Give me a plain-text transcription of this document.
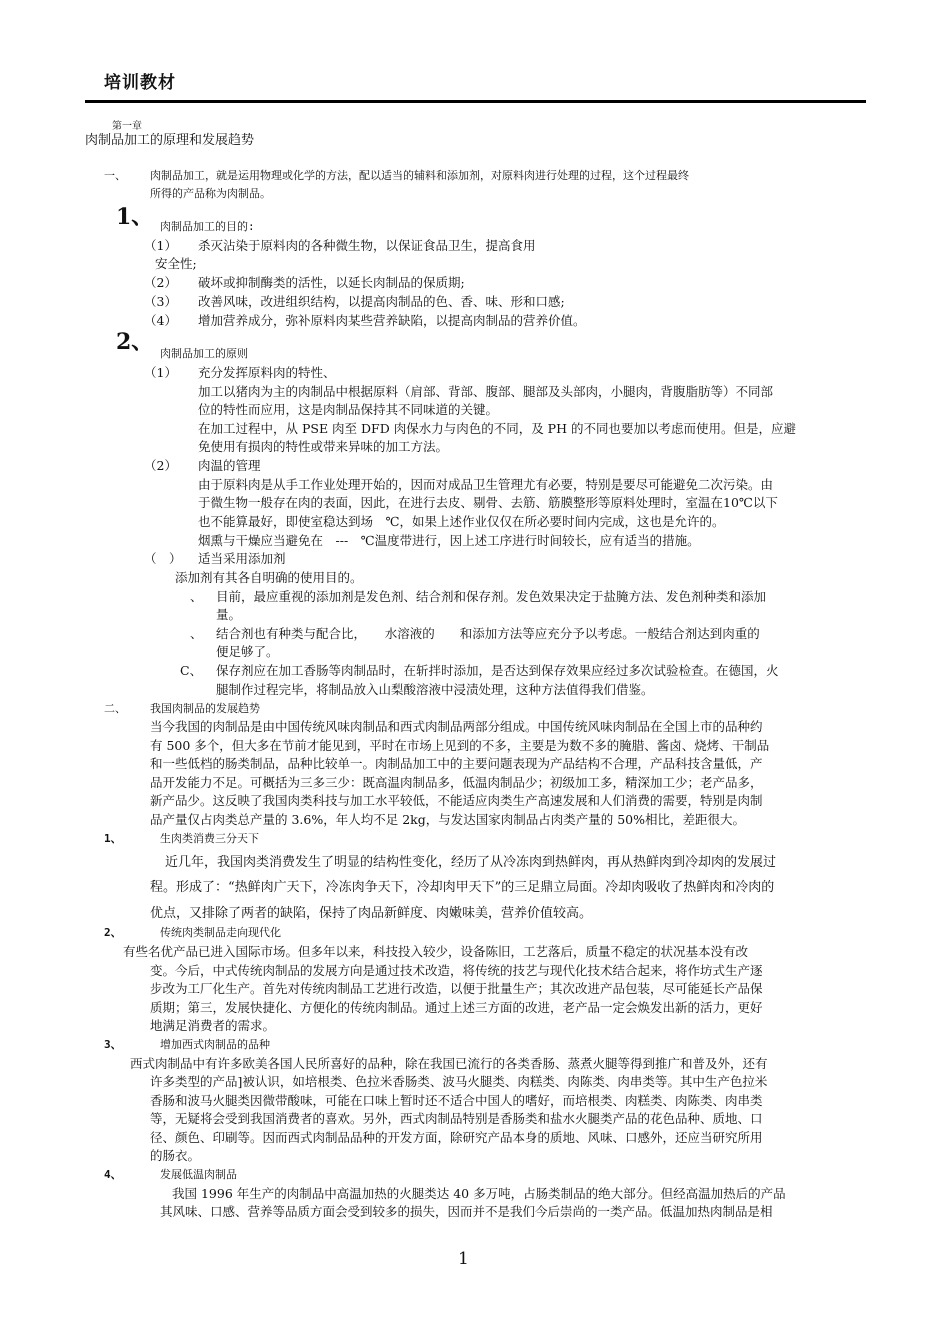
培训教材
第一章
肉制品加工的原理和发展趋势
一、 肉制品加工，就是运用物理或化学的方法，配以适当的辅料和添加剂，对原料肉进行处理的过程，这个过程最终
所得的产品称为肉制品。
1、 肉制品加工的目的:
（1） 杀灭沾染于原料肉的各种微生物，以保证食品卫生，提高食用
安全性;
（2） 破坏或抑制酶类的活性，以延长肉制品的保质期;
（3） 改善风味，改进组织结构，以提高肉制品的色、香、味、形和口感;
（4） 增加营养成分，弥补原料肉某些营养缺陷，以提高肉制品的营养价值。
2、 肉制品加工的原则
（1） 充分发挥原料肉的特性、
加工以猪肉为主的肉制品中根据原料（肩部、背部、腹部、腿部及头部肉，小腿肉，背腹脂肪等）不同部
位的特性而应用，这是肉制品保持其不同味道的关键。
在加工过程中，从 PSE 肉至 DFD 肉保水力与肉色的不同，及 PH 的不同也要加以考虑而使用。但是，应避
免使用有损肉的特性或带来异味的加工方法。
（2） 肉温的管理
由于原料肉是从手工作业处理开始的，因而对成品卫生管理尤有必要，特别是要尽可能避免二次污染。由
于微生物一般存在肉的表面，因此，在进行去皮、剔骨、去筋、筋膜整形等原料处理时，室温在10℃以下
也不能算最好，即使室稳达到场　℃，如果上述作业仅仅在所必要时间内完成，这也是允许的。
烟熏与干燥应当避免在　---　℃温度带进行，因上述工序进行时间较长，应有适当的措施。
（　） 适当采用添加剂
添加剂有其各自明确的使用目的。
、 目前，最应重视的添加剂是发色剂、结合剂和保存剂。发色效果决定于盐腌方法、发色剂种类和添加
量。
、 结合剂也有种类与配合比，　　水溶液的　　和添加方法等应充分予以考虑。一般结合剂达到肉重的
便足够了。
C、 保存剂应在加工香肠等肉制品时，在斩拌时添加，是否达到保存效果应经过多次试验检查。在德国，火
腿制作过程完毕，将制品放入山梨酸溶液中浸渍处理，这种方法值得我们借鉴。
二、 我国肉制品的发展趋势
当今我国的肉制品是由中国传统风味肉制品和西式肉制品两部分组成。中国传统风味肉制品在全国上市的品种约
有 500 多个，但大多在节前才能见到，平时在市场上见到的不多，主要是为数不多的腌腊、酱卤、烧烤、干制品
和一些低档的肠类制品，品种比较单一。肉制品加工中的主要问题表现为产品结构不合理，产品科技含量低，产
品开发能力不足。可概括为三多三少：既高温肉制品多，低温肉制品少；初级加工多，精深加工少；老产品多，
新产品少。这反映了我国肉类科技与加工水平较低，不能适应肉类生产高速发展和人们消费的需要，特别是肉制
品产量仅占肉类总产量的 3.6%，年人均不足 2kg，与发达国家肉制品占肉类产量的 50%相比，差距很大。
1、	生肉类消费三分天下
近几年，我国肉类消费发生了明显的结构性变化，经历了从冷冻肉到热鲜肉，再从热鲜肉到冷却肉的发展过
程。形成了：“热鲜肉广天下，冷冻肉争天下，冷却肉甲天下”的三足鼎立局面。冷却肉吸收了热鲜肉和冷肉的
优点，又排除了两者的缺陷，保持了肉品新鲜度、肉嫩味美，营养价值较高。
2、	传统肉类制品走向现代化
有些名优产品已进入国际市场。但多年以来，科技投入较少，设备陈旧，工艺落后，质量不稳定的状况基本没有改
变。今后，中式传统肉制品的发展方向是通过技术改造，将传统的技艺与现代化技术结合起来，将作坊式生产逐
步改为工厂化生产。首先对传统肉制品工艺进行改造，以便于批量生产；其次改进产品包装，尽可能延长产品保
质期；第三，发展快捷化、方便化的传统肉制品。通过上述三方面的改进，老产品一定会焕发出新的活力，更好
地满足消费者的需求。
3、	增加西式肉制品的品种
西式肉制品中有许多欧美各国人民所喜好的品种，除在我国已流行的各类香肠、蒸煮火腿等得到推广和普及外，还有
许多类型的产品]被认识，如培根类、色拉米香肠类、波马火腿类、肉糕类、肉陈类、肉串类等。其中生产色拉米
香肠和波马火腿类因微带酸味，可能在口味上暂时还不适合中国人的嗜好，而培根类、肉糕类、肉陈类、肉串类
等，无疑将会受到我国消费者的喜欢。另外，西式肉制品特别是香肠类和盐水火腿类产品的花色品种、质地、口
径、颜色、印刷等。因而西式肉制品品种的开发方面，除研究产品本身的质地、风味、口感外，还应当研究所用
的肠衣。
4、	发展低温肉制品
我国 1996 年生产的肉制品中高温加热的火腿类达 40 多万吨，占肠类制品的绝大部分。但经高温加热后的产品
其风味、口感、营养等品质方面会受到较多的损失，因而并不是我们今后崇尚的一类产品。低温加热肉制品是相
1
